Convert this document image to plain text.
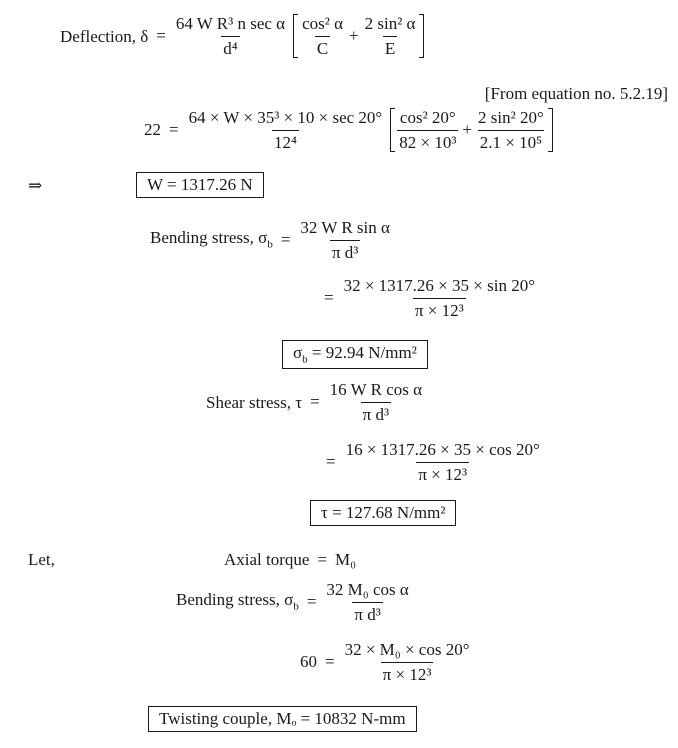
Deflection, $\delta = \frac{\text{64 W R³ n sec α}}{\text{d⁴}} \frac{\text{cos² α}}{C} + \frac{\text{2 sin² α}}{E}$
[From equation no. 5.2.19]
$22 = \frac{\text{64 × W × 35³ × 10 × sec 20°}}{\text{12⁴}} \frac{\text{cos² 20°}}{\text{82 × 10³}} + \frac{\text{2 sin² 20°}}{\text{2.1 × 10⁵}}$
⇒	W = 1317.26 N
Bending stress, $\sigma_b = \frac{\text{32 W R sin α}}{\text{π d³}}$
= $\frac{32 \times 1317.26 \times 35 \times \sin 20^\circ}{\text{π × 12³}}$
$\sigma_b = 92.94$ N/mm²
Shear stress, $\tau = \frac{\text{16 W R cos α}}{\text{π d³}}$
= $\frac{16 \times 1317.26 \times 35 \times \cos 20^\circ}{\text{π × 12³}}$
τ = 127.68 N/mm²
Let,	Axial torque = M₀
Bending stress, $\sigma_b = \frac{\text{32 M₀ cos α}}{\text{π d³}}$
$60 = \frac{\text{32 × M₀ × cos 20°}}{\text{π × 12³}}$
Twisting couple, Mₒ = 10832 N-mm
